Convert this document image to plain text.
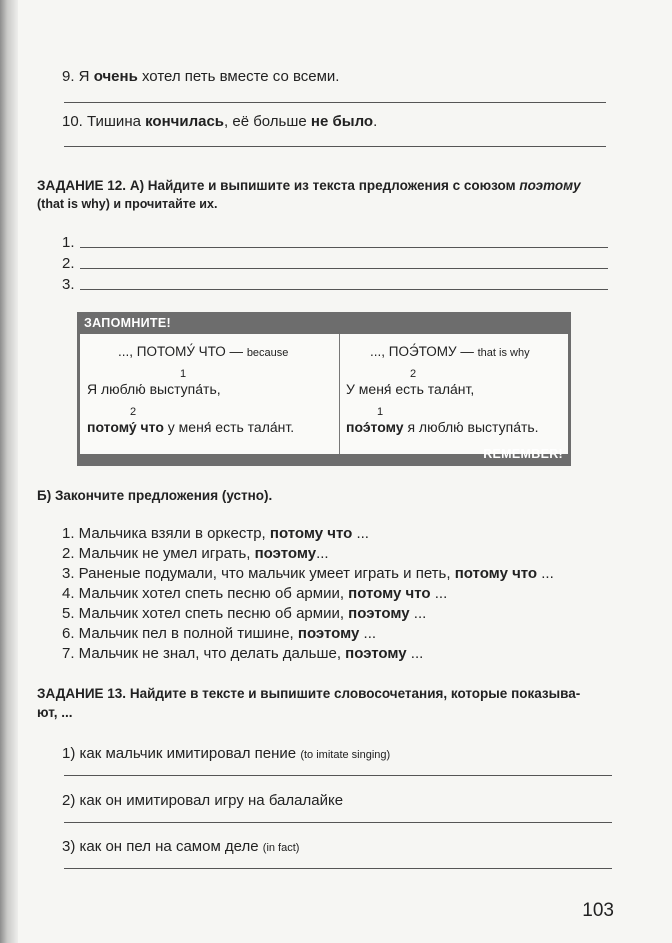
9. Я очень хотел петь вместе со всеми.
10. Тишина кончилась, её больше не было.
ЗАДАНИЕ 12. А) Найдите и выпишите из текста предложения с союзом поэтому
(that is why) и прочитайте их.
1.
2.
3.
ЗАПОМНИТЕ!
..., ПОТОМУ́ ЧТО — because
1
Я люблю́ выступа́ть,
2
потому́ что у меня́ есть тала́нт.
..., ПОЭ́ТОМУ — that is why
2
У меня́ есть тала́нт,
1
поэ́тому я люблю́ выступа́ть.
REMEMBER!
Б) Закончите предложения (устно).
1. Мальчика взяли в оркестр, потому что ...
2. Мальчик не умел играть, поэтому...
3. Раненые подумали, что мальчик умеет играть и петь, потому что ...
4. Мальчик хотел спеть песню об армии, потому что ...
5. Мальчик хотел спеть песню об армии, поэтому ...
6. Мальчик пел в полной тишине, поэтому ...
7. Мальчик не знал, что делать дальше, поэтому ...
ЗАДАНИЕ 13. Найдите в тексте и выпишите словосочетания, которые показыва-
ют, ...
1) как мальчик имитировал пение (to imitate singing)
2) как он имитировал игру на балалайке
3) как он пел на самом деле (in fact)
103
